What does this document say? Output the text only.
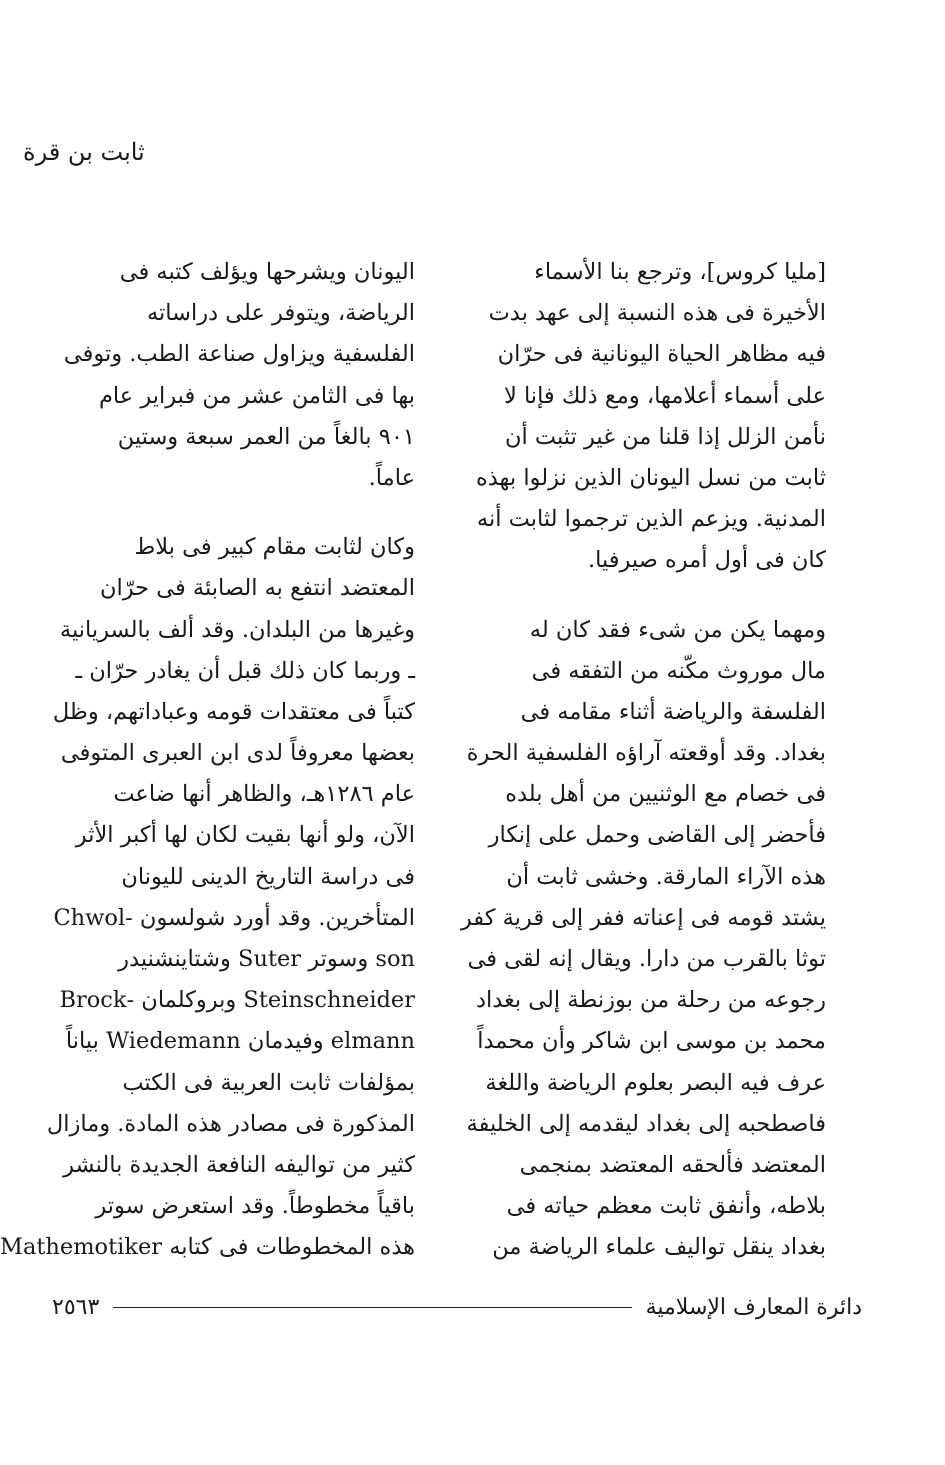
ثابت بن قرة
[مليا كروس]، وترجع بنا الأسماء
الأخيرة فى هذه النسبة إلى عهد بدت
فيه مظاهر الحياة اليونانية فى حرّان
على أسماء أعلامها، ومع ذلك فإنا لا
نأمن الزلل إذا قلنا من غير تثبت أن
ثابت من نسل اليونان الذين نزلوا بهذه
المدنية. ويزعم الذين ترجموا لثابت أنه
كان فى أول أمره صيرفيا.
ومهما يكن من شىء فقد كان له
مال موروث مكّنه من التفقه فى
الفلسفة والرياضة أثناء مقامه فى
بغداد. وقد أوقعته آراؤه الفلسفية الحرة
فى خصام مع الوثنيين من أهل بلده
فأحضر إلى القاضى وحمل على إنكار
هذه الآراء المارقة. وخشى ثابت أن
يشتد قومه فى إعناته ففر إلى قرية كفر
توثا بالقرب من دارا. ويقال إنه لقى فى
رجوعه من رحلة من بوزنطة إلى بغداد
محمد بن موسى ابن شاكر وأن محمداً
عرف فيه البصر بعلوم الرياضة واللغة
فاصطحبه إلى بغداد ليقدمه إلى الخليفة
المعتضد فألحقه المعتضد بمنجمى
بلاطه، وأنفق ثابت معظم حياته فى
بغداد ينقل تواليف علماء الرياضة من
اليونان ويشرحها ويؤلف كتبه فى
الرياضة، ويتوفر على دراساته
الفلسفية ويزاول صناعة الطب. وتوفى
بها فى الثامن عشر من فبراير عام
٩٠١ بالغاً من العمر سبعة وستين
عاماً.
وكان لثابت مقام كبير فى بلاط
المعتضد انتفع به الصابئة فى حرّان
وغيرها من البلدان. وقد ألف بالسريانية
ـ وربما كان ذلك قبل أن يغادر حرّان ـ
كتباً فى معتقدات قومه وعباداتهم، وظل
بعضها معروفاً لدى ابن العبرى المتوفى
عام ١٢٨٦هـ، والظاهر أنها ضاعت
الآن، ولو أنها بقيت لكان لها أكبر الأثر
فى دراسة التاريخ الدينى لليونان
المتأخرين. وقد أورد شولسون -Chwol
son وسوتر Suter وشتاينشنيدر
Steinschneider وبروكلمان -Brock
elmann وفيدمان Wiedemann بياناً
بمؤلفات ثابت العربية فى الكتب
المذكورة فى مصادر هذه المادة. ومازال
كثير من تواليفه النافعة الجديدة بالنشر
باقياً مخطوطاً. وقد استعرض سوتر
هذه المخطوطات فى كتابه Mathemotiker
دائرة المعارف الإسلامية
٢٥٦٣
